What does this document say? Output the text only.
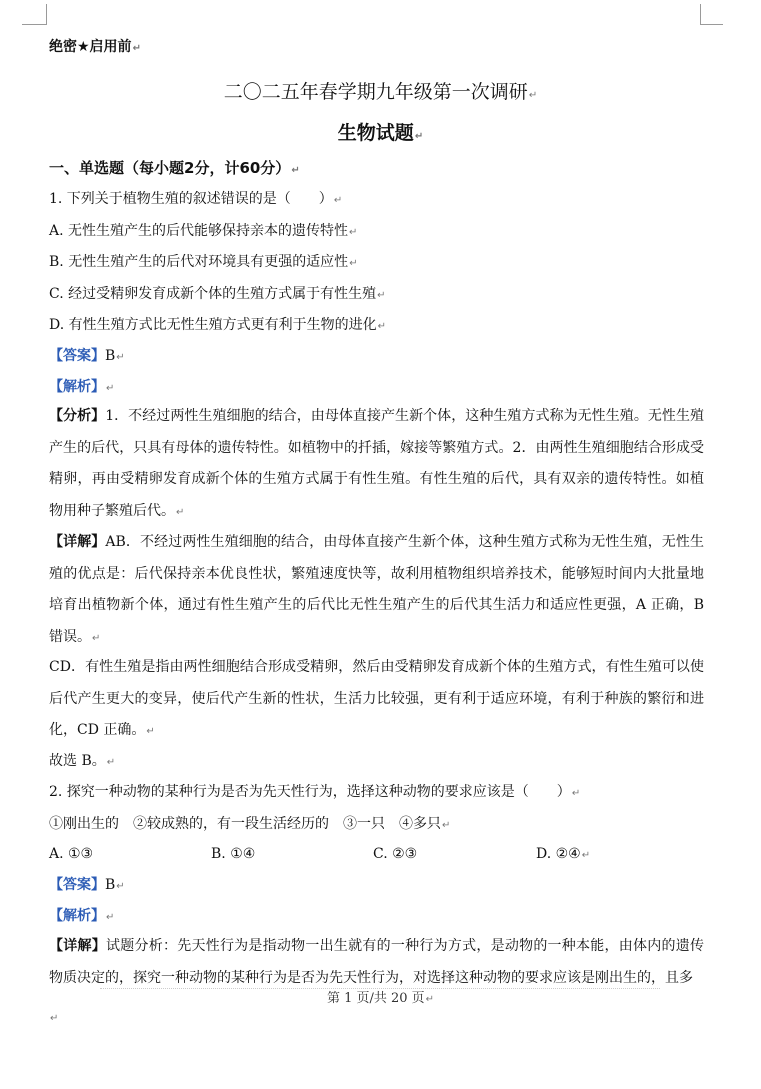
绝密★启用前↵
二〇二五年春学期九年级第一次调研↵
生物试题↵
一、单选题（每小题2分，计60分）↵
1. 下列关于植物生殖的叙述错误的是（　　）↵
A. 无性生殖产生的后代能够保持亲本的遗传特性↵
B. 无性生殖产生的后代对环境具有更强的适应性↵
C. 经过受精卵发育成新个体的生殖方式属于有性生殖↵
D. 有性生殖方式比无性生殖方式更有利于生物的进化↵
【答案】B↵
【解析】↵
【分析】1．不经过两性生殖细胞的结合，由母体直接产生新个体，这种生殖方式称为无性生殖。无性生殖产生的后代，只具有母体的遗传特性。如植物中的扦插，嫁接等繁殖方式。2．由两性生殖细胞结合形成受精卵，再由受精卵发育成新个体的生殖方式属于有性生殖。有性生殖的后代，具有双亲的遗传特性。如植物用种子繁殖后代。↵
【详解】AB．不经过两性生殖细胞的结合，由母体直接产生新个体，这种生殖方式称为无性生殖，无性生殖的优点是：后代保持亲本优良性状，繁殖速度快等，故利用植物组织培养技术，能够短时间内大批量地培育出植物新个体，通过有性生殖产生的后代比无性生殖产生的后代其生活力和适应性更强，A 正确，B 错误。↵
CD．有性生殖是指由两性细胞结合形成受精卵，然后由受精卵发育成新个体的生殖方式，有性生殖可以使后代产生更大的变异，使后代产生新的性状，生活力比较强，更有利于适应环境，有利于种族的繁衍和进化，CD 正确。↵
故选 B。↵
2. 探究一种动物的某种行为是否为先天性行为，选择这种动物的要求应该是（　　）↵
①刚出生的　②较成熟的，有一段生活经历的　③一只　④多只↵
A. ①③	B. ①④	C. ②③	D. ②④↵
【答案】B↵
【解析】↵
【详解】试题分析：先天性行为是指动物一出生就有的一种行为方式，是动物的一种本能，由体内的遗传物质决定的，探究一种动物的某种行为是否为先天性行为，对选择这种动物的要求应该是刚出生的，且多
第 1 页/共 20 页↵
↵
